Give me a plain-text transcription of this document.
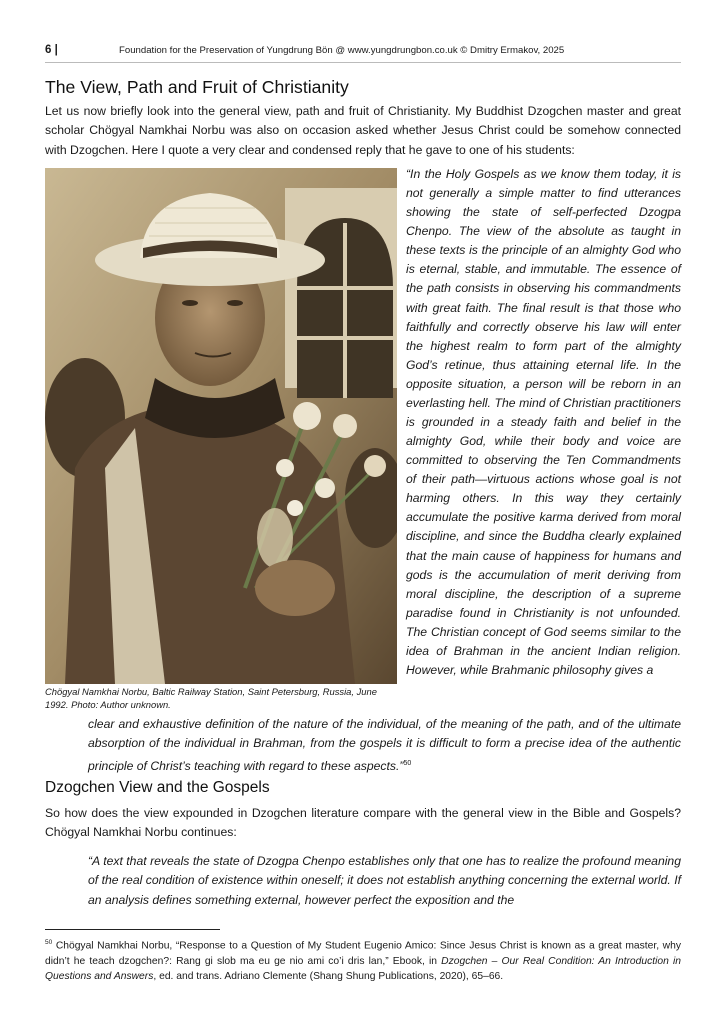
6 |	Foundation for the Preservation of Yungdrung Bön @ www.yungdrungbon.co.uk © Dmitry Ermakov, 2025
The View, Path and Fruit of Christianity

Let us now briefly look into the general view, path and fruit of Christianity. My Buddhist Dzogchen master and great scholar Chögyal Namkhai Norbu was also on occasion asked whether Jesus Christ could be somehow connected with Dzogchen. Here I quote a very clear and condensed reply that he gave to one of his students:

Chögyal Namkhai Norbu, Baltic Railway Station, Saint Petersburg, Russia, June 1992. Photo: Author unknown.

“In the Holy Gospels as we know them today, it is not generally a simple matter to find utterances showing the state of self-perfected Dzogpa Chenpo. The view of the absolute as taught in these texts is the principle of an almighty God who is eternal, stable, and immutable. The essence of the path consists in observing his commandments with great faith. The final result is that those who faithfully and correctly observe his law will enter the highest realm to form part of the almighty God’s retinue, thus attaining eternal life. In the opposite situation, a person will be reborn in an everlasting hell. The mind of Christian practitioners is grounded in a steady faith and belief in the almighty God, while their body and voice are committed to observing the Ten Commandments of their path—virtuous actions whose goal is not harming others. In this way they certainly accumulate the positive karma derived from moral discipline, and since the Buddha clearly explained that the main cause of happiness for humans and gods is the accumulation of merit deriving from moral discipline, the description of a supreme paradise found in Christianity is not unfounded. The Christian concept of God seems similar to the idea of Brahman in the ancient Indian religion. However, while Brahmanic philosophy gives a

clear and exhaustive definition of the nature of the individual, of the meaning of the path, and of the ultimate absorption of the individual in Brahman, from the gospels it is difficult to form a precise idea of the authentic principle of Christ’s teaching with regard to these aspects.”$^{50}$

Dzogchen View and the Gospels

So how does the view expounded in Dzogchen literature compare with the general view in the Bible and Gospels? Chögyal Namkhai Norbu continues:

“A text that reveals the state of Dzogpa Chenpo establishes only that one has to realize the profound meaning of the real condition of existence within oneself; it does not establish anything concerning the external world. If an analysis defines something external, however perfect the exposition and the

$^{50}$ Chögyal Namkhai Norbu, “Response to a Question of My Student Eugenio Amico: Since Jesus Christ is known as a great master, why didn’t he teach dzogchen?: Rang gi slob ma eu ge nio ami co’i dris lan,” Ebook, in Dzogchen – Our Real Condition: An Introduction in Questions and Answers, ed. and trans. Adriano Clemente (Shang Shung Publications, 2020), 65–66.
